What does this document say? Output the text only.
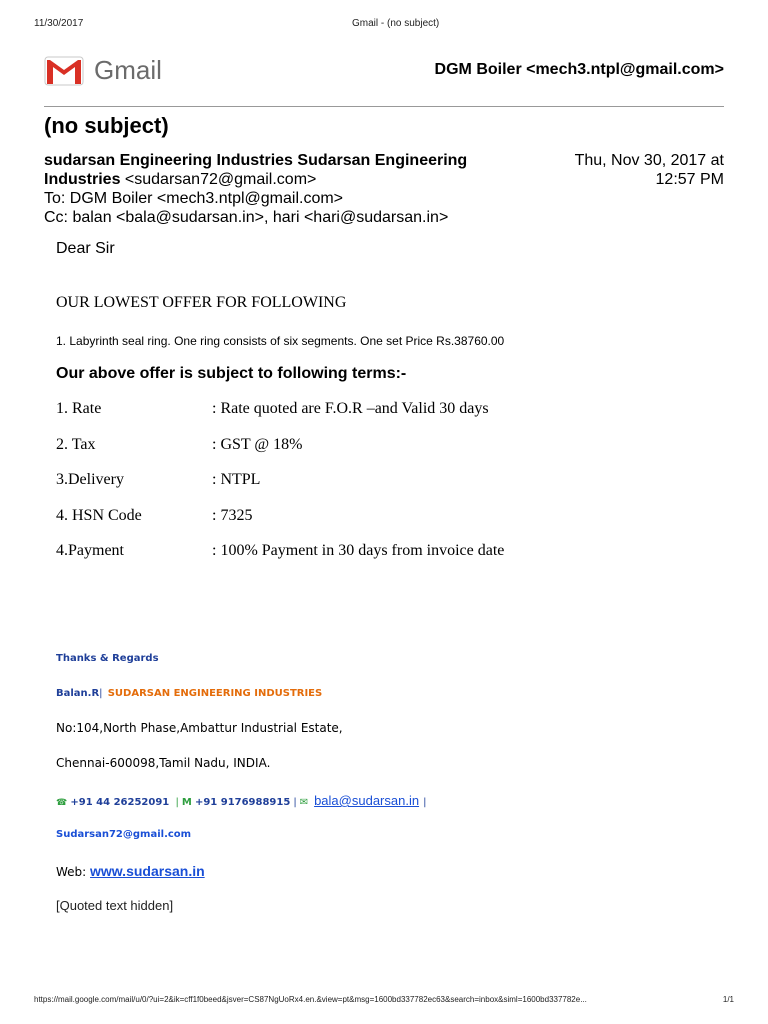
11/30/2017	Gmail - (no subject)
Gmail	DGM Boiler <mech3.ntpl@gmail.com>
(no subject)
sudarsan Engineering Industries Sudarsan Engineering
Industries <sudarsan72@gmail.com>
Thu, Nov 30, 2017 at
12:57 PM
To: DGM Boiler <mech3.ntpl@gmail.com>
Cc: balan <bala@sudarsan.in>, hari <hari@sudarsan.in>
Dear Sir
OUR LOWEST OFFER FOR FOLLOWING
1. Labyrinth seal ring. One ring consists of six segments. One set Price Rs.38760.00
Our above offer is subject to following terms:-
1. Rate	: Rate quoted are F.O.R –and Valid 30 days
2. Tax	: GST @ 18%
3.Delivery	: NTPL
4. HSN Code	: 7325
4.Payment	: 100% Payment in 30 days from invoice date
Thanks & Regards
Balan.R| SUDARSAN ENGINEERING INDUSTRIES
No:104,North Phase,Ambattur Industrial Estate,
Chennai-600098,Tamil Nadu, INDIA.
☎ +91 44 26252091 | M +91 9176988915 | ✉ bala@sudarsan.in |
Sudarsan72@gmail.com
Web: www.sudarsan.in
[Quoted text hidden]
https://mail.google.com/mail/u/0/?ui=2&ik=cff1f0beed&jsver=CS87NgUoRx4.en.&view=pt&msg=1600bd337782ec63&search=inbox&siml=1600bd337782e...	1/1
